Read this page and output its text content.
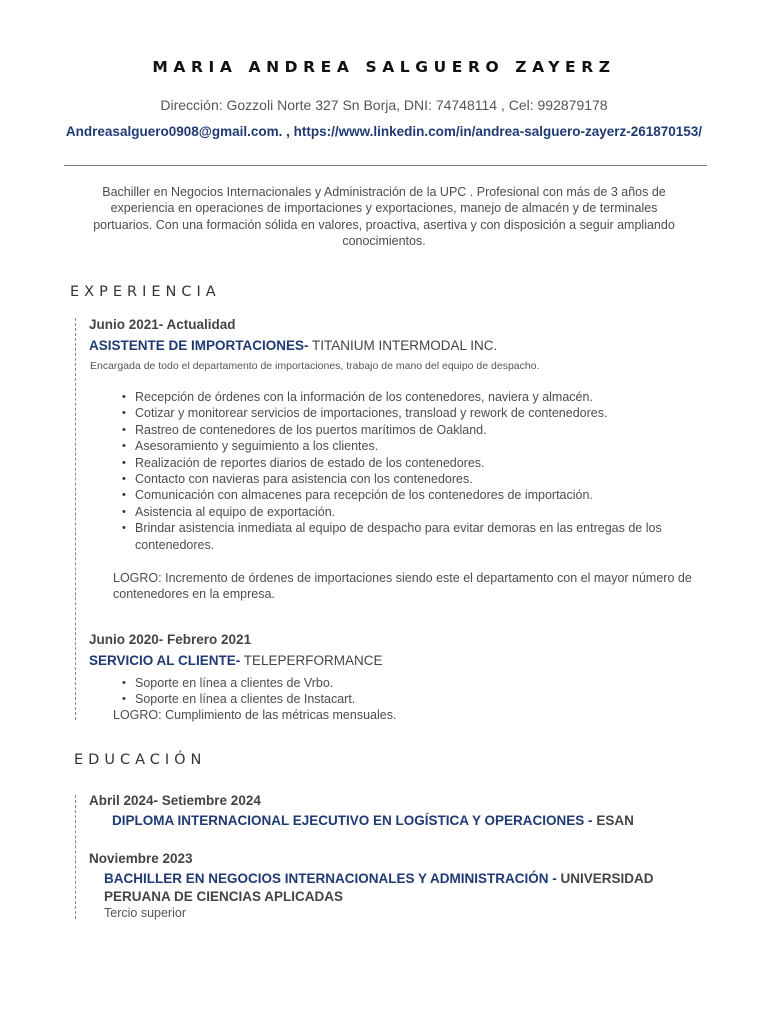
MARIA ANDREA SALGUERO ZAYERZ
Dirección: Gozzoli Norte 327 Sn Borja, DNI: 74748114 , Cel: 992879178
Andreasalguero0908@gmail.com. , https://www.linkedin.com/in/andrea-salguero-zayerz-261870153/
Bachiller en Negocios Internacionales y Administración de la UPC . Profesional con más de 3 años de experiencia en operaciones de importaciones y exportaciones, manejo de almacén y de terminales portuarios. Con una formación sólida en valores, proactiva, asertiva y con disposición a seguir ampliando conocimientos.
EXPERIENCIA
Junio 2021- Actualidad
ASISTENTE DE IMPORTACIONES- TITANIUM INTERMODAL INC.
Encargada de todo el departamento de importaciones, trabajo de mano del equipo de despacho.
• Recepción de órdenes con la información de los contenedores, naviera y almacén.
• Cotizar y monitorear servicios de importaciones, transload y rework de contenedores.
• Rastreo de contenedores de los puertos marítimos de Oakland.
• Asesoramiento y seguimiento a los clientes.
• Realización de reportes diarios de estado de los contenedores.
• Contacto con navieras para asistencia con los contenedores.
• Comunicación con almacenes para recepción de los contenedores de importación.
• Asistencia al equipo de exportación.
• Brindar asistencia inmediata al equipo de despacho para evitar demoras en las entregas de los contenedores.
LOGRO: Incremento de órdenes de importaciones siendo este el departamento con el mayor número de contenedores en la empresa.
Junio 2020- Febrero 2021
SERVICIO AL CLIENTE- TELEPERFORMANCE
• Soporte en línea a clientes de Vrbo.
• Soporte en línea a clientes de Instacart.
LOGRO: Cumplimiento de las métricas mensuales.
EDUCACIÓN
Abril 2024- Setiembre 2024
DIPLOMA INTERNACIONAL EJECUTIVO EN LOGÍSTICA Y OPERACIONES - ESAN
Noviembre 2023
BACHILLER EN NEGOCIOS INTERNACIONALES Y ADMINISTRACIÓN - UNIVERSIDAD PERUANA DE CIENCIAS APLICADAS
Tercio superior
